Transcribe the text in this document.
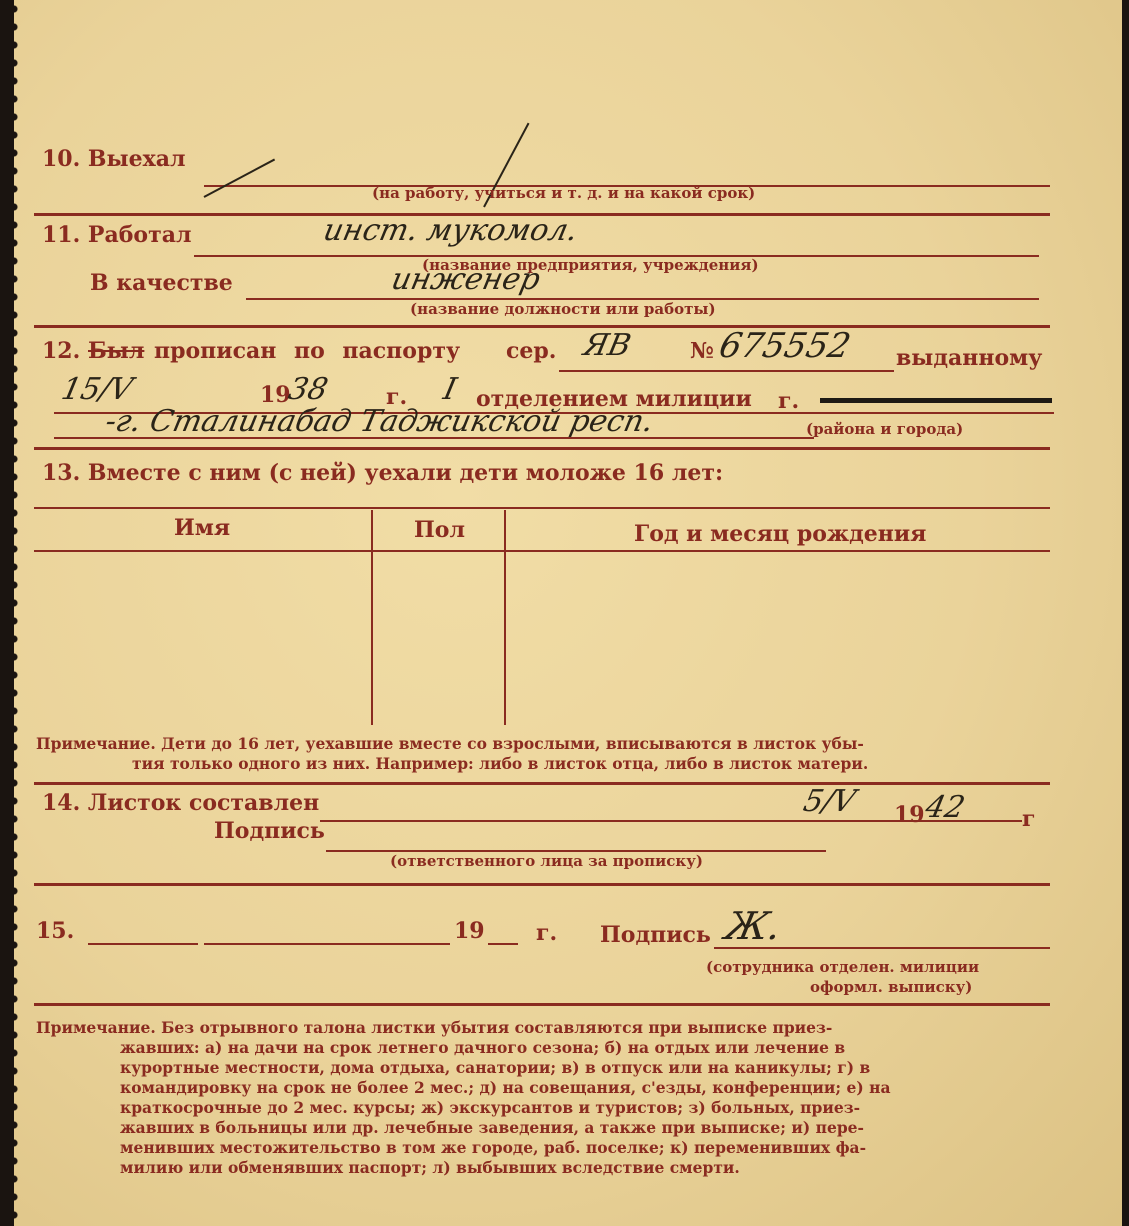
10. Выехал
(на работу, учиться и т. д. и на какой срок)
11. Работал	инст. мукомол.
(название предприятия, учреждения)
В качестве	инженер
(название должности или работы)
12. Был прописан по паспорту сер. ЯВ	№ 675552 выданному
15/V	19
38	г. I отделением милиции г.
-г. Сталинабад Таджикской респ.	(района и города)
13. Вместе с ним (с ней) уехали дети моложе 16 лет:
Имя	Пол	Год и месяц рождения
Примечание. Дети до 16 лет, уехавшие вместе со взрослыми, вписываются в листок убы-
тия только одного из них. Например: либо в листок отца, либо в листок матери.
14. Листок составлен	5/V 19
42 г
Подпись
(ответственного лица за прописку)
15.	19 г. Подпись Ж.
(сотрудника отделен. милиции
оформл. выписку)
Примечание. Без отрывного талона листки убытия составляются при выписке приез-
жавших: а) на дачи на срок летнего дачного сезона; б) на отдых или лечение в
курортные местности, дома отдыха, санатории; в) в отпуск или на каникулы; г) в
командировку на срок не более 2 мес.; д) на совещания, с'езды, конференции; е) на
краткосрочные до 2 мес. курсы; ж) экскурсантов и туристов; з) больных, приез-
жавших в больницы или др. лечебные заведения, а также при выписке; и) пере-
менивших местожительство в том же городе, раб. поселке; к) переменивших фа-
милию или обменявших паспорт; л) выбывших вследствие смерти.
